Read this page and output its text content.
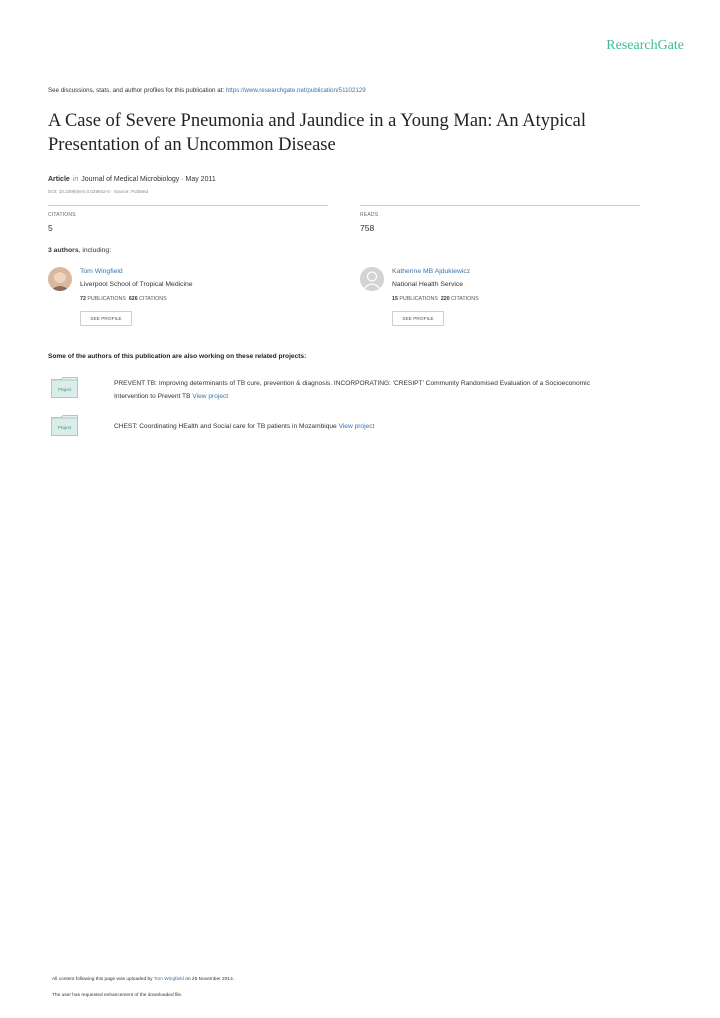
ResearchGate
See discussions, stats, and author profiles for this publication at: https://www.researchgate.net/publication/51102129
A Case of Severe Pneumonia and Jaundice in a Young Man: An Atypical
Presentation of an Uncommon Disease
Article in Journal of Medical Microbiology · May 2011
DOI: 10.1099/jmm.0.029942-0 · Source: PubMed
CITATIONS
5
READS
758
3 authors, including:
Tom Wingfield
Liverpool School of Tropical Medicine
72 PUBLICATIONS 626 CITATIONS
SEE PROFILE
Katherine MB Ajdukiewicz
National Health Service
15 PUBLICATIONS 220 CITATIONS
SEE PROFILE
Some of the authors of this publication are also working on these related projects:
Project
PREVENT TB: Improving determinants of TB cure, prevention & diagnosis. INCORPORATING: 'CRESIPT' Community Randomised Evaluation of a Socioeconomic
Intervention to Prevent TB View project
Project	CHEST: Coordinating HEalth and Social care for TB patients in Mozambique View project
All content following this page was uploaded by Tom Wingfield on 25 November 2014.
The user has requested enhancement of the downloaded file.
